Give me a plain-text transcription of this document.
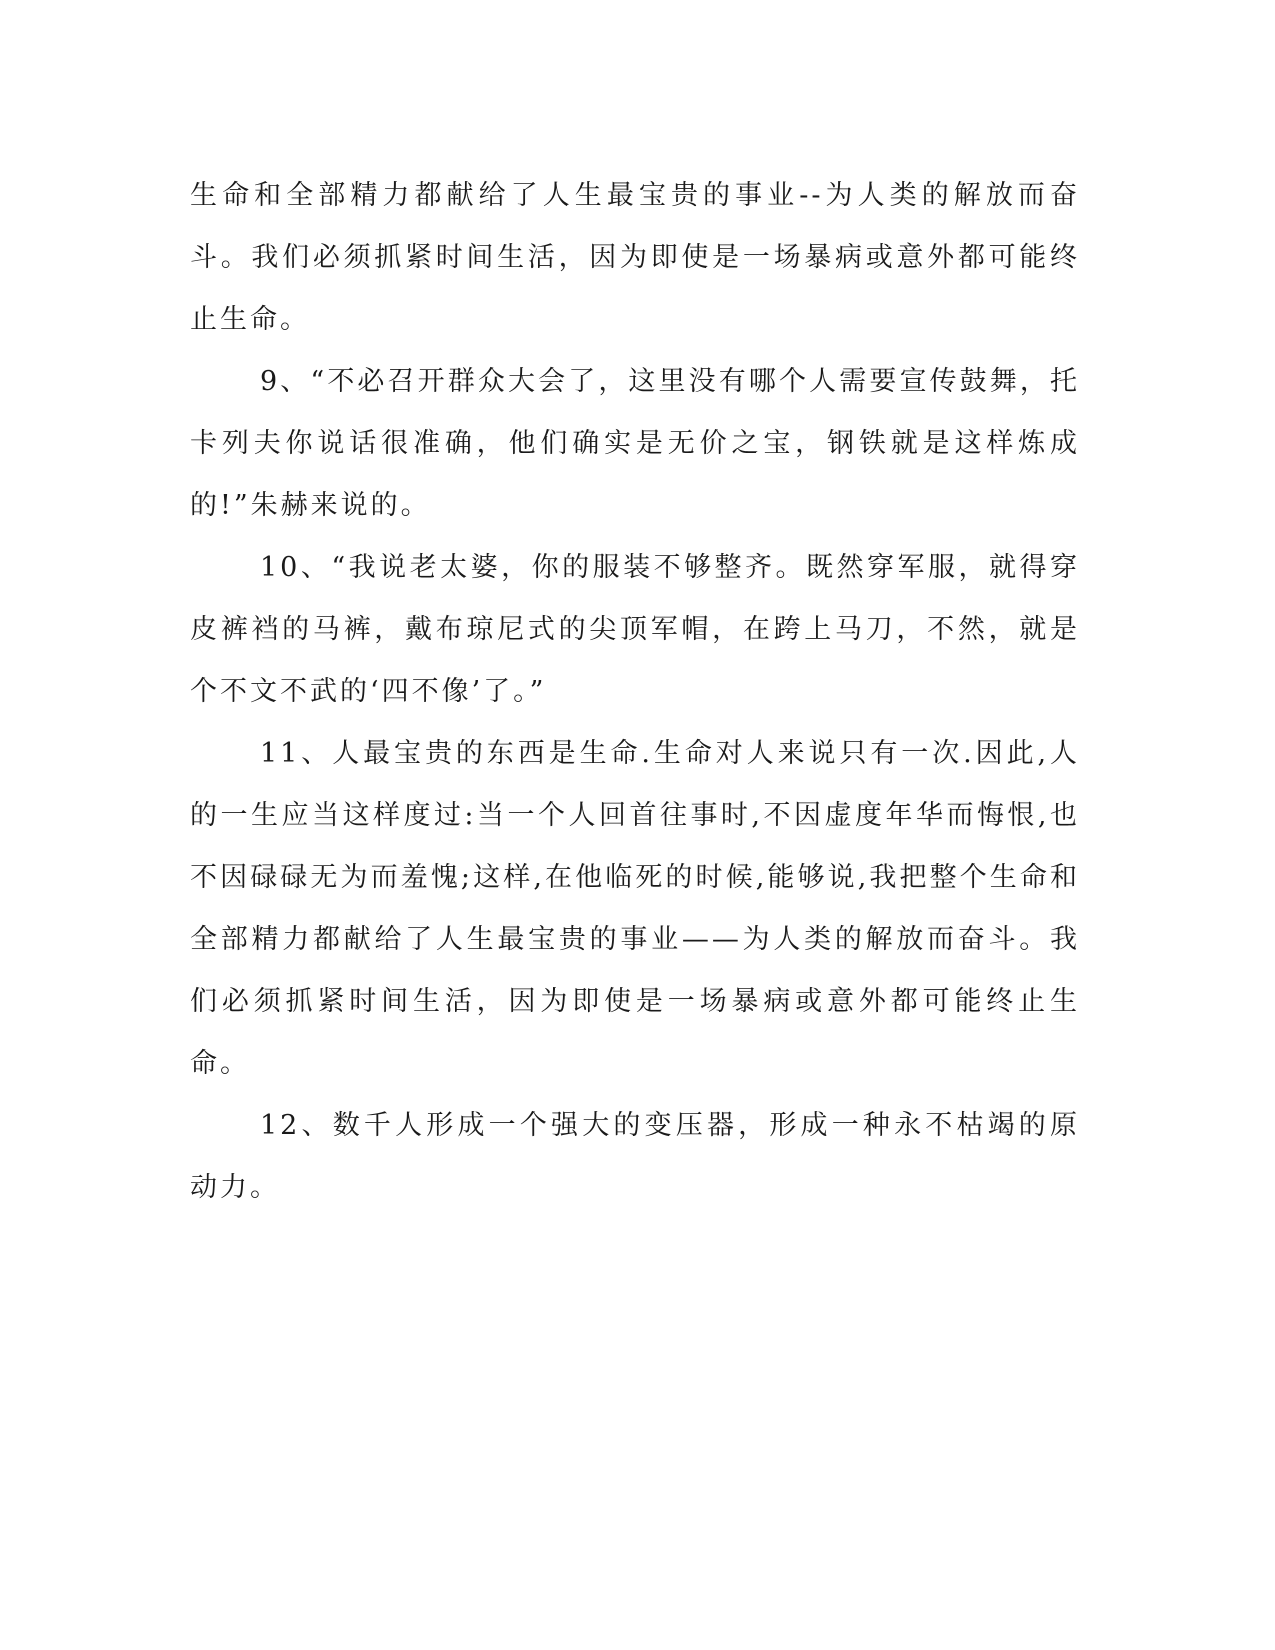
生命和全部精力都献给了人生最宝贵的事业--为人类的解放而奋斗。我们必须抓紧时间生活，因为即使是一场暴病或意外都可能终止生命。

9、“不必召开群众大会了，这里没有哪个人需要宣传鼓舞，托卡列夫你说话很准确，他们确实是无价之宝，钢铁就是这样炼成的!”朱赫来说的。

10、“我说老太婆，你的服装不够整齐。既然穿军服，就得穿皮裤裆的马裤，戴布琼尼式的尖顶军帽，在跨上马刀，不然，就是个不文不武的‘四不像’了。”

11、人最宝贵的东西是生命.生命对人来说只有一次.因此,人的一生应当这样度过:当一个人回首往事时,不因虚度年华而悔恨,也不因碌碌无为而羞愧;这样,在他临死的时候,能够说,我把整个生命和全部精力都献给了人生最宝贵的事业——为人类的解放而奋斗。我们必须抓紧时间生活，因为即使是一场暴病或意外都可能终止生命。

12、数千人形成一个强大的变压器，形成一种永不枯竭的原动力。
